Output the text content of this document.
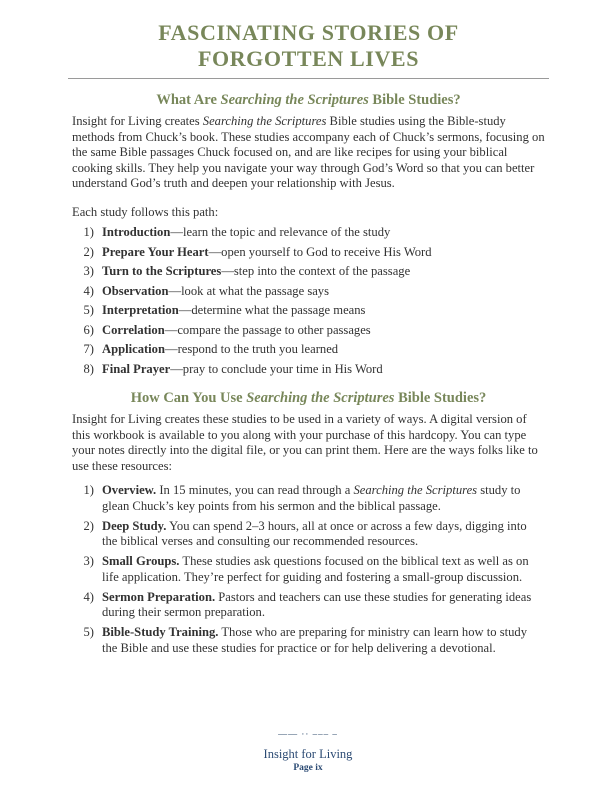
FASCINATING STORIES OF
FORGOTTEN LIVES
What Are Searching the Scriptures Bible Studies?

Insight for Living creates Searching the Scriptures Bible studies using the Bible-study methods from Chuck’s book. These studies accompany each of Chuck’s sermons, focusing on the same Bible passages Chuck focused on, and are like recipes for using your biblical cooking skills. They help you navigate your way through God’s Word so that you can better understand God’s truth and deepen your relationship with Jesus.

Each study follows this path:

1) Introduction—learn the topic and relevance of the study
2) Prepare Your Heart—open yourself to God to receive His Word
3) Turn to the Scriptures—step into the context of the passage
4) Observation—look at what the passage says
5) Interpretation—determine what the passage means
6) Correlation—compare the passage to other passages
7) Application—respond to the truth you learned
8) Final Prayer—pray to conclude your time in His Word
How Can You Use Searching the Scriptures Bible Studies?

Insight for Living creates these studies to be used in a variety of ways. A digital version of this workbook is available to you along with your purchase of this hardcopy. You can type your notes directly into the digital file, or you can print them. Here are the ways folks like to use these resources:

1) Overview. In 15 minutes, you can read through a Searching the Scriptures study to glean Chuck’s key points from his sermon and the biblical passage.
2) Deep Study. You can spend 2–3 hours, all at once or across a few days, digging into the biblical verses and consulting our recommended resources.
3) Small Groups. These studies ask questions focused on the biblical text as well as on life application. They’re perfect for guiding and fostering a small-group discussion.
4) Sermon Preparation. Pastors and teachers can use these studies for generating ideas during their sermon preparation.
5) Bible-Study Training. Those who are preparing for ministry can learn how to study the Bible and use these studies for practice or for help delivering a devotional.
—— ·· ––– –
Insight for Living
Page ix
